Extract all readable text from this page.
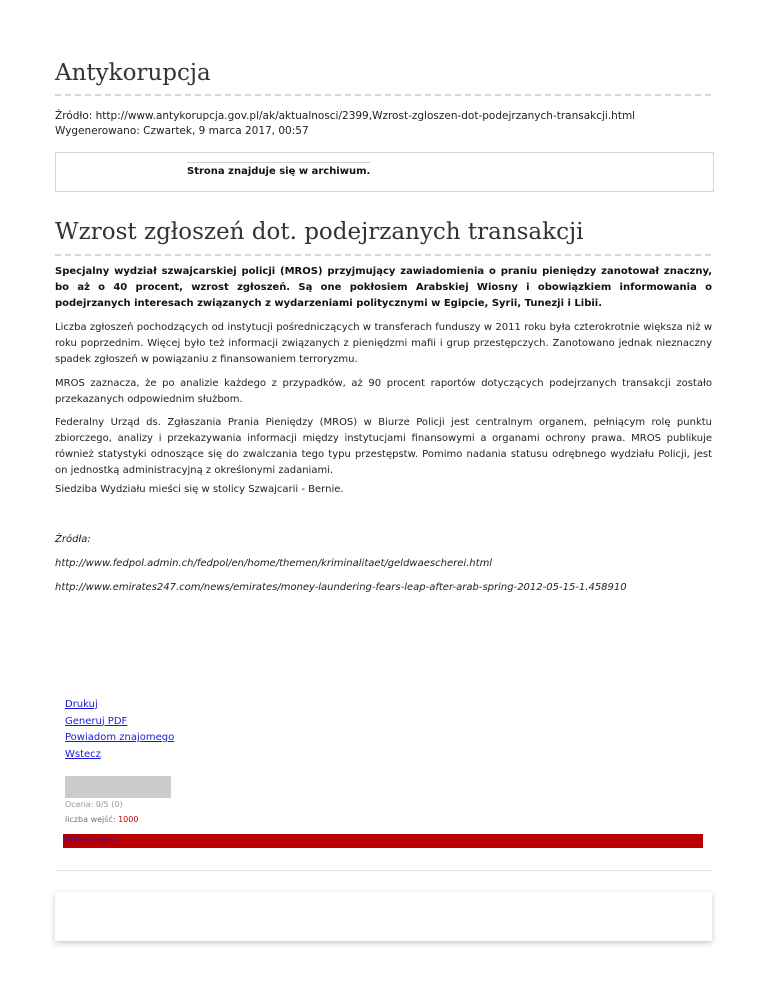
Antykorupcja
Źródło: http://www.antykorupcja.gov.pl/ak/aktualnosci/2399,Wzrost-zgloszen-dot-podejrzanych-transakcji.html
Wygenerowano: Czwartek, 9 marca 2017, 00:57
Strona znajduje się w archiwum.
Wzrost zgłoszeń dot. podejrzanych transakcji
Specjalny wydział szwajcarskiej policji (MROS) przyjmujący zawiadomienia o praniu pieniędzy zanotował znaczny, bo aż o 40 procent, wzrost zgłoszeń. Są one pokłosiem Arabskiej Wiosny i obowiązkiem informowania o podejrzanych interesach związanych z wydarzeniami politycznymi w Egipcie, Syrii, Tunezji i Libii.
Liczba zgłoszeń pochodzących od instytucji pośredniczących w transferach funduszy w 2011 roku była czterokrotnie większa niż w roku poprzednim. Więcej było też informacji związanych z pieniędzmi mafii i grup przestępczych. Zanotowano jednak nieznaczny spadek zgłoszeń w powiązaniu z finansowaniem terroryzmu.
MROS zaznacza, że po analizie każdego z przypadków, aż 90 procent raportów dotyczących podejrzanych transakcji zostało przekazanych odpowiednim służbom.
Federalny Urząd ds. Zgłaszania Prania Pieniędzy (MROS) w Biurze Policji jest centralnym organem, pełniącym rolę punktu zbiorczego, analizy i przekazywania informacji między instytucjami finansowymi a organami ochrony prawa. MROS publikuje również statystyki odnoszące się do zwalczania tego typu przestępstw. Pomimo nadania statusu odrębnego wydziału Policji, jest on jednostką administracyjną z określonymi zadaniami.
Siedziba Wydziału mieści się w stolicy Szwajcarii - Bernie.
Źródła:
http://www.fedpol.admin.ch/fedpol/en/home/themen/kriminalitaet/geldwaescherei.html
http://www.emirates247.com/news/emirates/money-laundering-fears-leap-after-arab-spring-2012-05-15-1.458910
Drukuj
Generuj PDF
Powiadom znajomego
Wstecz
Ocena: 0/5 (0)
liczba wejść: 1000
Aktualności
